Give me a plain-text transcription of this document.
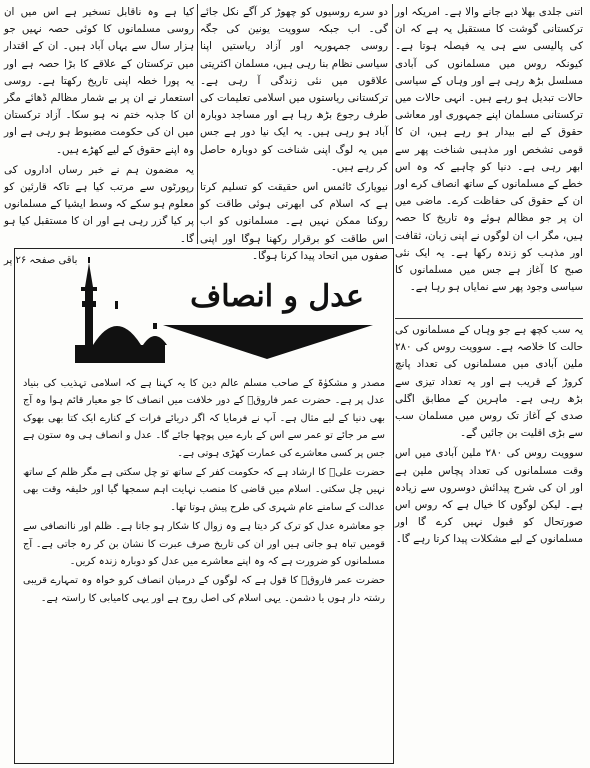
اتنی جلدی بھلا دیے جانے والا ہے۔ امریکہ اور ترکستانی گوشت کا مستقبل یہ ہے کہ ان کی پالیسی سے ہی یہ فیصلہ ہوتا ہے۔ کیونکہ روس میں مسلمانوں کی آبادی مسلسل بڑھ رہی ہے اور وہاں کے سیاسی حالات تبدیل ہو رہے ہیں۔ انہی حالات میں ترکستانی مسلمان اپنے جمہوری اور معاشی حقوق کے لیے بیدار ہو رہے ہیں، ان کا قومی تشخص اور مذہبی شناخت پھر سے ابھر رہی ہے۔ دنیا کو چاہیے کہ وہ اس خطے کے مسلمانوں کے ساتھ انصاف کرے اور ان کے حقوق کی حفاظت کرے۔ ماضی میں ان پر جو مظالم ہوئے وہ تاریخ کا حصہ ہیں، مگر اب ان لوگوں نے اپنی زبان، ثقافت اور مذہب کو زندہ رکھا ہے۔ یہ ایک نئی صبح کا آغاز ہے جس میں مسلمانوں کا سیاسی وجود پھر سے نمایاں ہو رہا ہے۔

دو سرے روسیوں کو چھوڑ کر آگے نکل جائے گی۔ اب جبکہ سوویت یونین کی جگہ روسی جمہوریہ اور آزاد ریاستیں اپنا سیاسی نظام بنا رہی ہیں، مسلمان اکثریتی علاقوں میں نئی زندگی آ رہی ہے۔ ترکستانی ریاستوں میں اسلامی تعلیمات کی طرف رجوع بڑھ رہا ہے اور مساجد دوبارہ آباد ہو رہی ہیں۔ یہ ایک نیا دور ہے جس میں یہ لوگ اپنی شناخت کو دوبارہ حاصل کر رہے ہیں۔

نیویارک ٹائمس اس حقیقت کو تسلیم کرتا ہے کہ اسلام کی ابھرتی ہوئی طاقت کو روکنا ممکن نہیں ہے۔ مسلمانوں کو اب اس طاقت کو برقرار رکھنا ہوگا اور اپنی صفوں میں اتحاد پیدا کرنا ہوگا۔

کیا ہے وہ ناقابل تسخیر ہے اس میں ان روسی مسلمانوں کا کوئی حصہ نہیں جو ہزار سال سے یہاں آباد ہیں۔ ان کے اقتدار میں ترکستان کے علاقے کا بڑا حصہ ہے اور یہ پورا خطہ اپنی تاریخ رکھتا ہے۔ روسی استعمار نے ان پر بے شمار مظالم ڈھائے مگر ان کا جذبہ ختم نہ ہو سکا۔ آزاد ترکستان میں ان کی حکومت مضبوط ہو رہی ہے اور وہ اپنے حقوق کے لیے کھڑے ہیں۔

یہ مضمون ہم نے خبر رساں اداروں کی رپورٹوں سے مرتب کیا ہے تاکہ قارئین کو معلوم ہو سکے کہ وسط ایشیا کے مسلمانوں پر کیا گزر رہی ہے اور ان کا مستقبل کیا ہو گا۔

باقی صفحہ ۲۶ پر

یہ سب کچھ ہے جو وہاں کے مسلمانوں کی حالت کا خلاصہ ہے۔ سوویت روس کی ۲۸۰ ملین آبادی میں مسلمانوں کی تعداد پانچ کروڑ کے قریب ہے اور یہ تعداد تیزی سے بڑھ رہی ہے۔ ماہرین کے مطابق اگلی صدی کے آغاز تک روس میں مسلمان سب سے بڑی اقلیت بن جائیں گے۔

سوویت روس کی ۲۸۰ ملین آبادی میں اس وقت مسلمانوں کی تعداد پچاس ملین ہے اور ان کی شرح پیدائش دوسروں سے زیادہ ہے۔ لیکن لوگوں کا خیال ہے کہ روس اس صورتحال کو قبول نہیں کرے گا اور مسلمانوں کے لیے مشکلات پیدا کرتا رہے گا۔

عدل و انصاف

مصدر و مشکوٰۃ کے صاحب مسلم عالم دین کا یہ کہنا ہے کہ اسلامی تہذیب کی بنیاد عدل پر ہے۔ حضرت عمر فاروقؓ کے دور خلافت میں انصاف کا جو معیار قائم ہوا وہ آج بھی دنیا کے لیے مثال ہے۔ آپ نے فرمایا کہ اگر دریائے فرات کے کنارے ایک کتا بھی بھوک سے مر جائے تو عمر سے اس کے بارے میں پوچھا جائے گا۔ عدل و انصاف ہی وہ ستون ہے جس پر کسی معاشرے کی عمارت کھڑی ہوتی ہے۔

حضرت علیؓ کا ارشاد ہے کہ حکومت کفر کے ساتھ تو چل سکتی ہے مگر ظلم کے ساتھ نہیں چل سکتی۔ اسلام میں قاضی کا منصب نہایت اہم سمجھا گیا اور خلیفہ وقت بھی عدالت کے سامنے عام شہری کی طرح پیش ہوتا تھا۔

جو معاشرہ عدل کو ترک کر دیتا ہے وہ زوال کا شکار ہو جاتا ہے۔ ظلم اور ناانصافی سے قومیں تباہ ہو جاتی ہیں اور ان کی تاریخ صرف عبرت کا نشان بن کر رہ جاتی ہے۔ آج مسلمانوں کو ضرورت ہے کہ وہ اپنے معاشرے میں عدل کو دوبارہ زندہ کریں۔

حضرت عمر فاروقؓ کا قول ہے کہ لوگوں کے درمیان انصاف کرو خواہ وہ تمہارے قریبی رشتہ دار ہوں یا دشمن۔ یہی اسلام کی اصل روح ہے اور یہی کامیابی کا راستہ ہے۔
